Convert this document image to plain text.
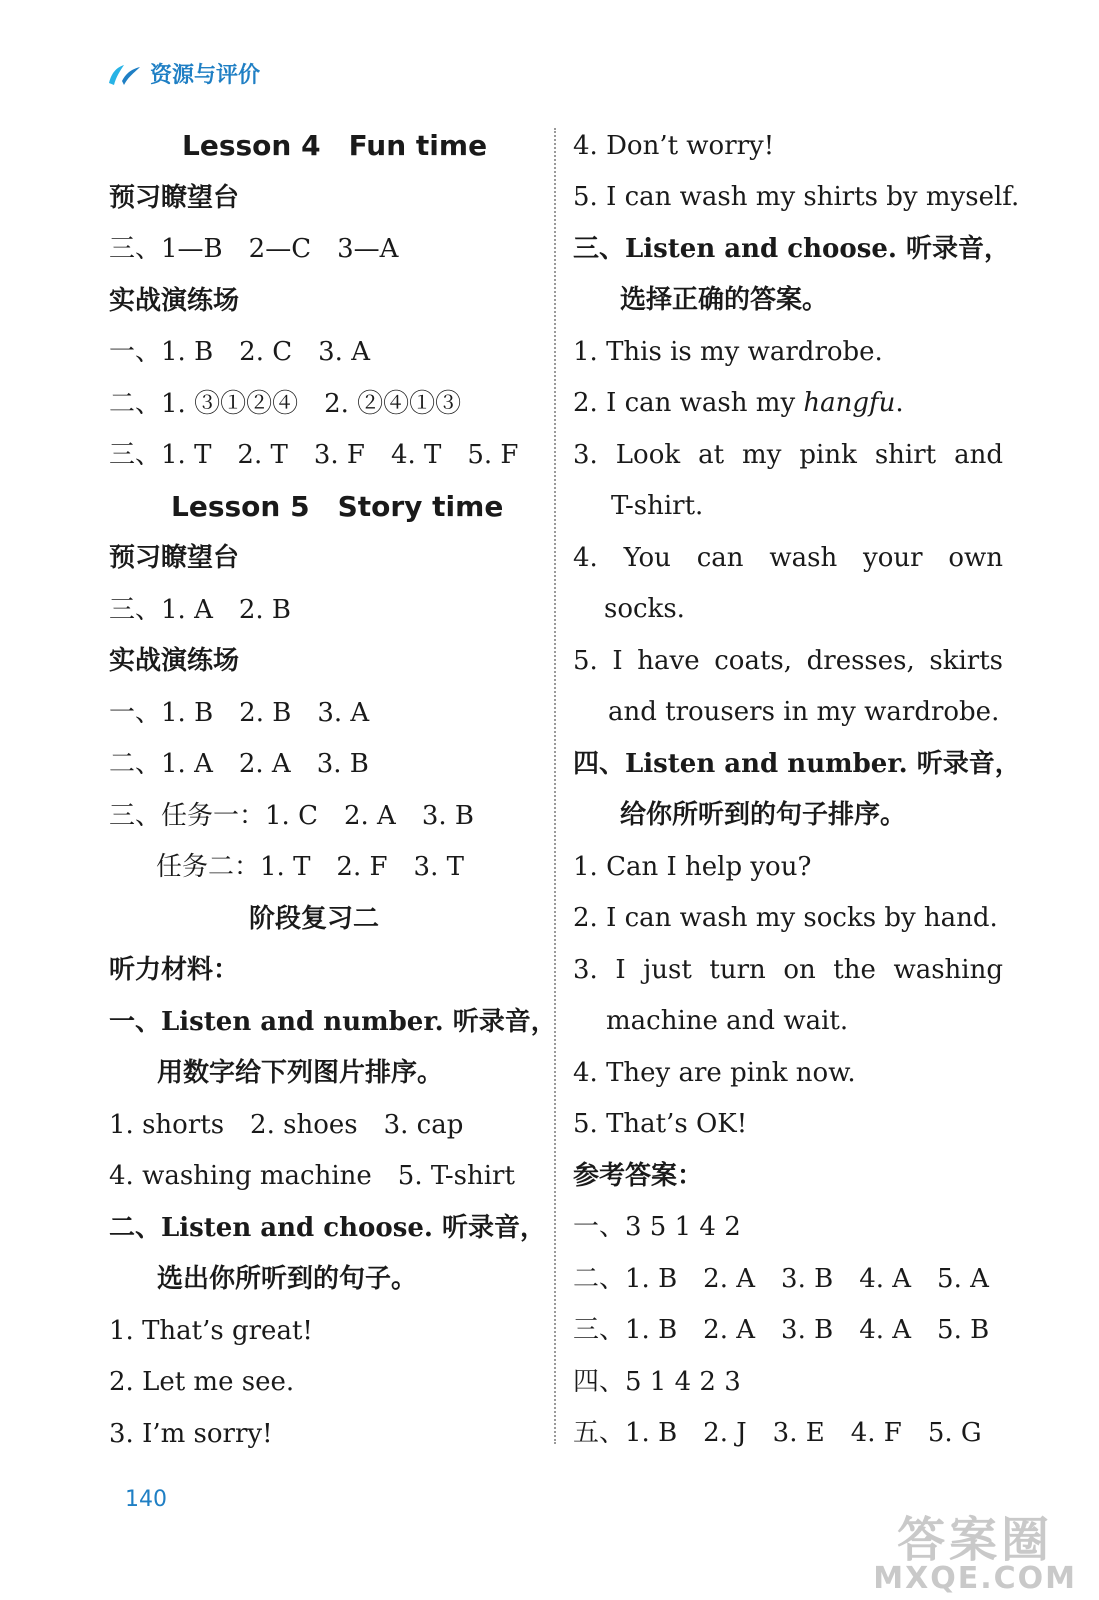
资源与评价
Lesson 4　Fun time
预习瞭望台
三、1—B　2—C　3—A
实战演练场
一、1. B　2. C　3. A
二、1. ③①②④　2. ②④①③
三、1. T　2. T　3. F　4. T　5. F
Lesson 5　Story time
预习瞭望台
三、1. A　2. B
实战演练场
一、1. B　2. B　3. A
二、1. A　2. A　3. B
三、任务一：1. C　2. A　3. B
任务二：1. T　2. F　3. T
阶段复习二
听力材料：
一、Listen and number. 听录音，
用数字给下列图片排序。
1. shorts　2. shoes　3. cap
4. washing machine　5. T-shirt
二、Listen and choose. 听录音，
选出你所听到的句子。
1. That’s great!
2. Let me see.
3. I’m sorry!
4. Don’t worry!
5. I can wash my shirts by myself.
三、Listen and choose. 听录音，
选择正确的答案。
1. This is my wardrobe.
2. I can wash my hangfu.
3. Look at my pink shirt and
T-shirt.
4. You can wash your own
socks.
5. I have coats, dresses, skirts
and trousers in my wardrobe.
四、Listen and number. 听录音，
给你所听到的句子排序。
1. Can I help you?
2. I can wash my socks by hand.
3. I just turn on the washing
machine and wait.
4. They are pink now.
5. That’s OK!
参考答案：
一、3 5 1 4 2
二、1. B　2. A　3. B　4. A　5. A
三、1. B　2. A　3. B　4. A　5. B
四、5 1 4 2 3
五、1. B　2. J　3. E　4. F　5. G
140
答案圈
MXQE.COM
